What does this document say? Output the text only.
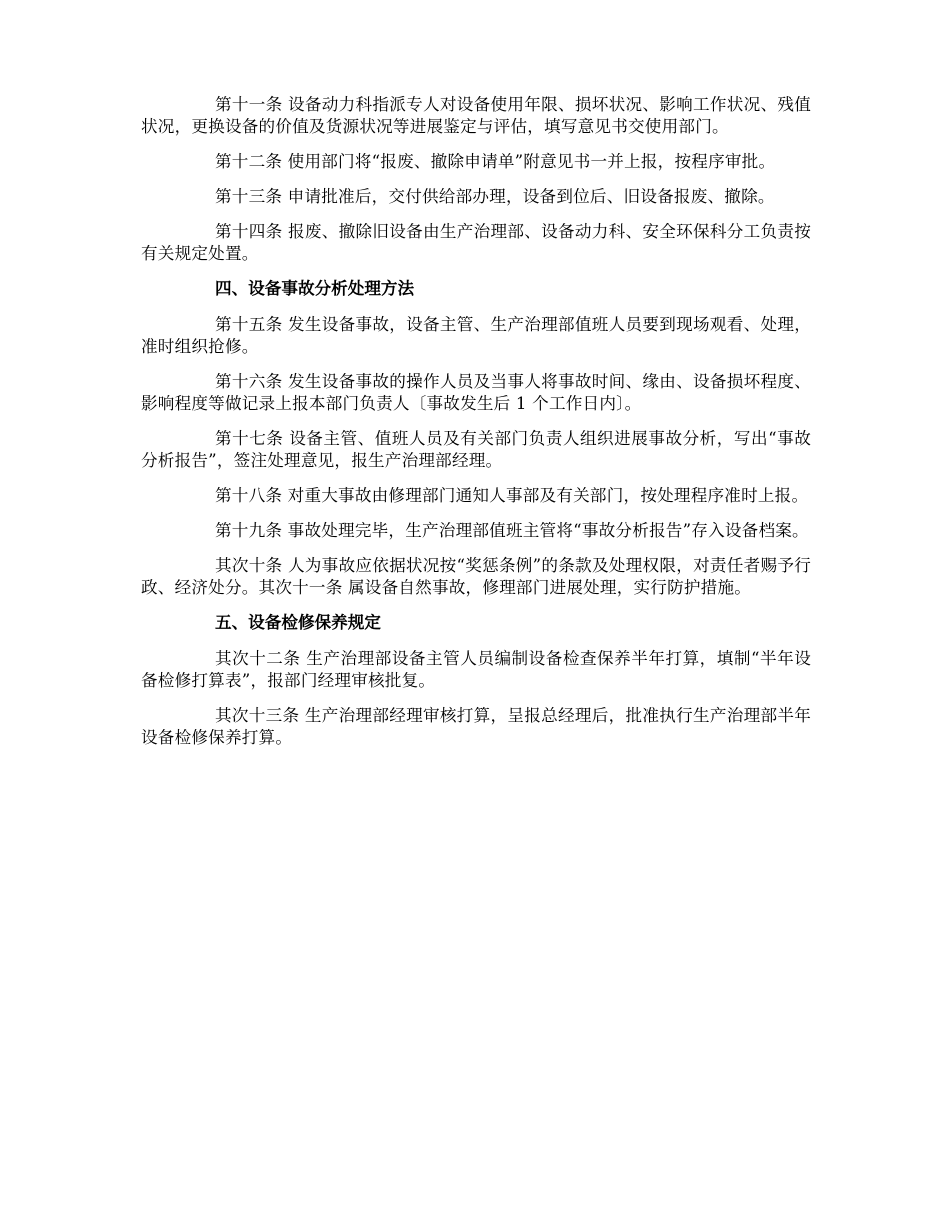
第十一条 设备动力科指派专人对设备使用年限、损坏状况、影响工作状况、残值状况，更换设备的价值及货源状况等进展鉴定与评估，填写意见书交使用部门。

第十二条 使用部门将“报废、撤除申请单”附意见书一并上报，按程序审批。

第十三条 申请批准后，交付供给部办理，设备到位后、旧设备报废、撤除。

第十四条 报废、撤除旧设备由生产治理部、设备动力科、安全环保科分工负责按有关规定处置。

四、设备事故分析处理方法

第十五条 发生设备事故，设备主管、生产治理部值班人员要到现场观看、处理，准时组织抢修。

第十六条 发生设备事故的操作人员及当事人将事故时间、缘由、设备损坏程度、影响程度等做记录上报本部门负责人〔事故发生后 1 个工作日内〕。

第十七条 设备主管、值班人员及有关部门负责人组织进展事故分析，写出“事故分析报告”，签注处理意见，报生产治理部经理。

第十八条 对重大事故由修理部门通知人事部及有关部门，按处理程序准时上报。

第十九条 事故处理完毕，生产治理部值班主管将“事故分析报告”存入设备档案。

其次十条 人为事故应依据状况按“奖惩条例”的条款及处理权限，对责任者赐予行政、经济处分。其次十一条 属设备自然事故，修理部门进展处理，实行防护措施。

五、设备检修保养规定

其次十二条 生产治理部设备主管人员编制设备检查保养半年打算，填制“半年设备检修打算表”，报部门经理审核批复。

其次十三条 生产治理部经理审核打算，呈报总经理后，批准执行生产治理部半年设备检修保养打算。
